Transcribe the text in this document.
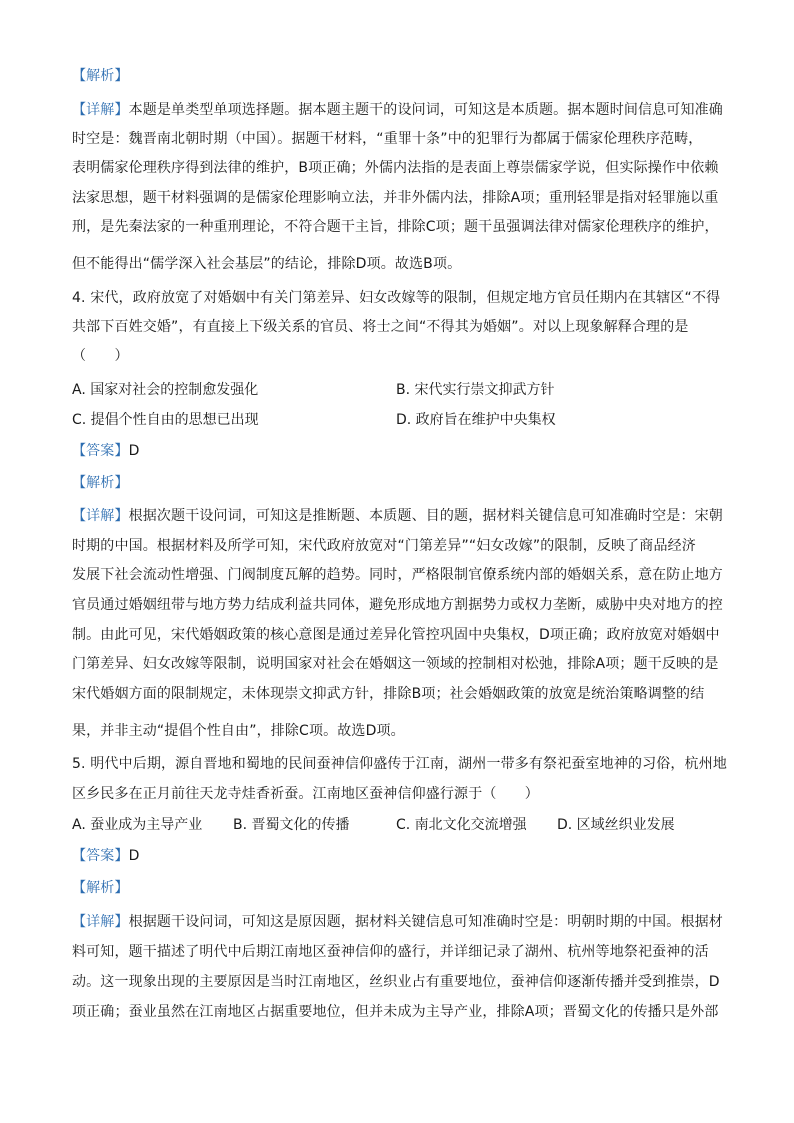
【解析】
【详解】本题是单类型单项选择题。据本题主题干的设问词，可知这是本质题。据本题时间信息可知准确
时空是：魏晋南北朝时期（中国）。据题干材料，“重罪十条”中的犯罪行为都属于儒家伦理秩序范畴，
表明儒家伦理秩序得到法律的维护，B项正确；外儒内法指的是表面上尊崇儒家学说，但实际操作中依赖
法家思想，题干材料强调的是儒家伦理影响立法，并非外儒内法，排除A项；重刑轻罪是指对轻罪施以重
刑，是先秦法家的一种重刑理论，不符合题干主旨，排除C项；题干虽强调法律对儒家伦理秩序的维护，
但不能得出“儒学深入社会基层”的结论，排除D项。故选B项。
4. 宋代，政府放宽了对婚姻中有关门第差异、妇女改嫁等的限制，但规定地方官员任期内在其辖区“不得
共部下百姓交婚”，有直接上下级关系的官员、将士之间“不得其为婚姻”。对以上现象解释合理的是
（　　）
A. 国家对社会的控制愈发强化	B. 宋代实行崇文抑武方针
C. 提倡个性自由的思想已出现	D. 政府旨在维护中央集权
【答案】D
【解析】
【详解】根据次题干设问词，可知这是推断题、本质题、目的题，据材料关键信息可知准确时空是：宋朝
时期的中国。根据材料及所学可知，宋代政府放宽对“门第差异”“妇女改嫁”的限制，反映了商品经济
发展下社会流动性增强、门阀制度瓦解的趋势。同时，严格限制官僚系统内部的婚姻关系，意在防止地方
官员通过婚姻纽带与地方势力结成利益共同体，避免形成地方割据势力或权力垄断，威胁中央对地方的控
制。由此可见，宋代婚姻政策的核心意图是通过差异化管控巩固中央集权，D项正确；政府放宽对婚姻中
门第差异、妇女改嫁等限制，说明国家对社会在婚姻这一领域的控制相对松弛，排除A项；题干反映的是
宋代婚姻方面的限制规定，未体现崇文抑武方针，排除B项；社会婚姻政策的放宽是统治策略调整的结
果，并非主动“提倡个性自由”，排除C项。故选D项。
5. 明代中后期，源自晋地和蜀地的民间蚕神信仰盛传于江南，湖州一带多有祭祀蚕室地神的习俗，杭州地
区乡民多在正月前往天龙寺烓香祈蚕。江南地区蚕神信仰盛行源于（　　）
A. 蚕业成为主导产业 B. 晋蜀文化的传播	C. 南北文化交流增强 D. 区域丝织业发展
【答案】D
【解析】
【详解】根据题干设问词，可知这是原因题，据材料关键信息可知准确时空是：明朝时期的中国。根据材
料可知，题干描述了明代中后期江南地区蚕神信仰的盛行，并详细记录了湖州、杭州等地祭祀蚕神的活
动。这一现象出现的主要原因是当时江南地区，丝织业占有重要地位，蚕神信仰逐渐传播并受到推崇，D
项正确；蚕业虽然在江南地区占据重要地位，但并未成为主导产业，排除A项；晋蜀文化的传播只是外部
